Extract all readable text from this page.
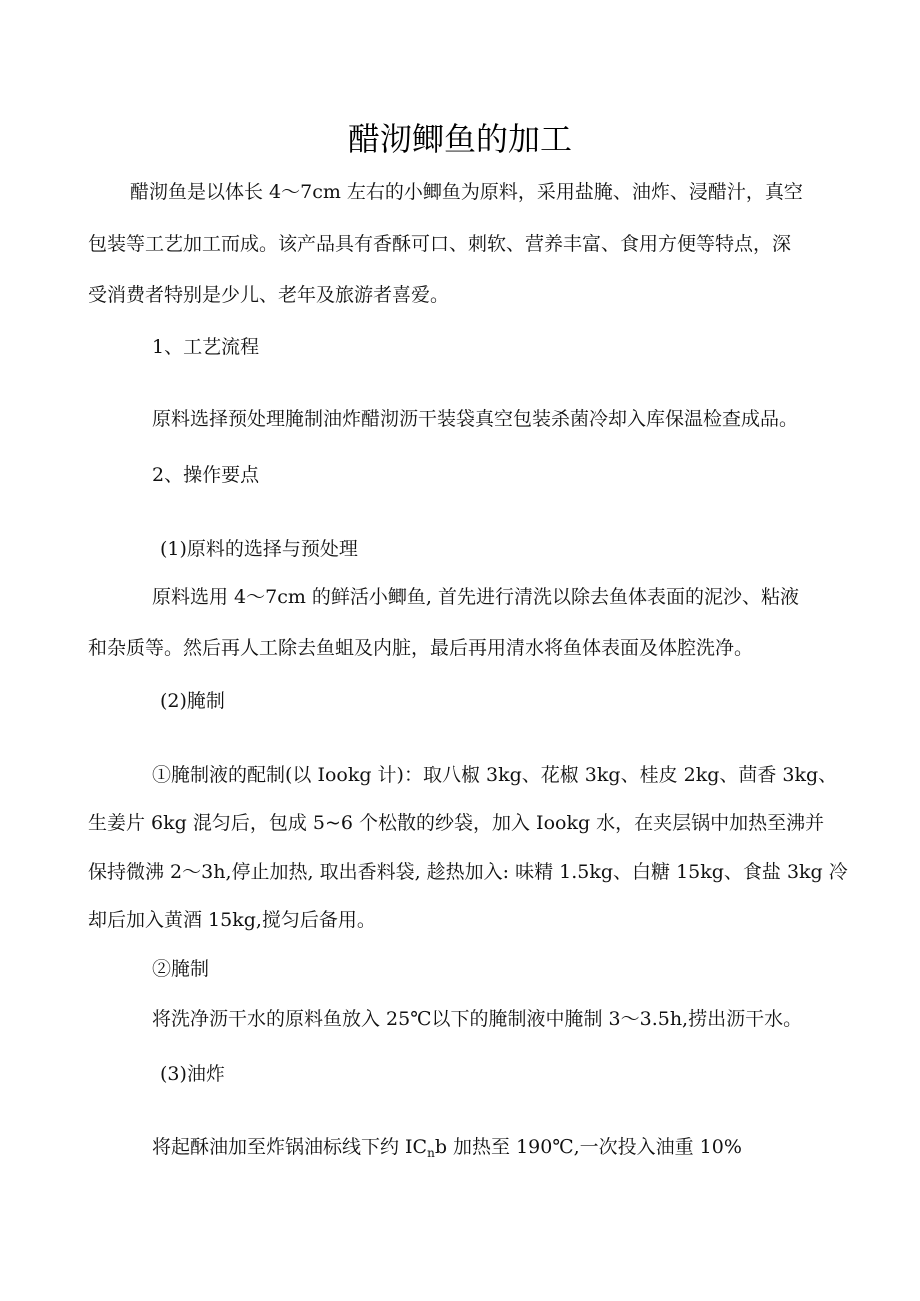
醋沏鲫鱼的加工
醋沏鱼是以体长 4～7cm 左右的小鲫鱼为原料，采用盐腌、油炸、浸醋汁，真空
包装等工艺加工而成。该产品具有香酥可口、刺软、营养丰富、食用方便等特点，深
受消费者特别是少儿、老年及旅游者喜爱。
1、工艺流程
原料选择预处理腌制油炸醋沏沥干装袋真空包装杀菌冷却入库保温检查成品。
2、操作要点
(1)原料的选择与预处理
原料选用 4～7cm 的鲜活小鲫鱼, 首先进行清洗以除去鱼体表面的泥沙、粘液
和杂质等。然后再人工除去鱼蛆及内脏，最后再用清水将鱼体表面及体腔洗净。
(2)腌制
①腌制液的配制(以 Iookg 计)：取八椒 3kg、花椒 3kg、桂皮 2kg、茴香 3kg、
生姜片 6kg 混匀后，包成 5~6 个松散的纱袋，加入 Iookg 水，在夹层锅中加热至沸并
保持微沸 2～3h,停止加热, 取出香料袋, 趁热加入: 味精 1.5kg、白糖 15kg、食盐 3kg 冷
却后加入黄酒 15kg,搅匀后备用。
②腌制
将洗净沥干水的原料鱼放入 25℃以下的腌制液中腌制 3～3.5h,捞出沥干水。
(3)油炸
将起酥油加至炸锅油标线下约 $IC_nb$ 加热至 190℃,一次投入油重 10%
